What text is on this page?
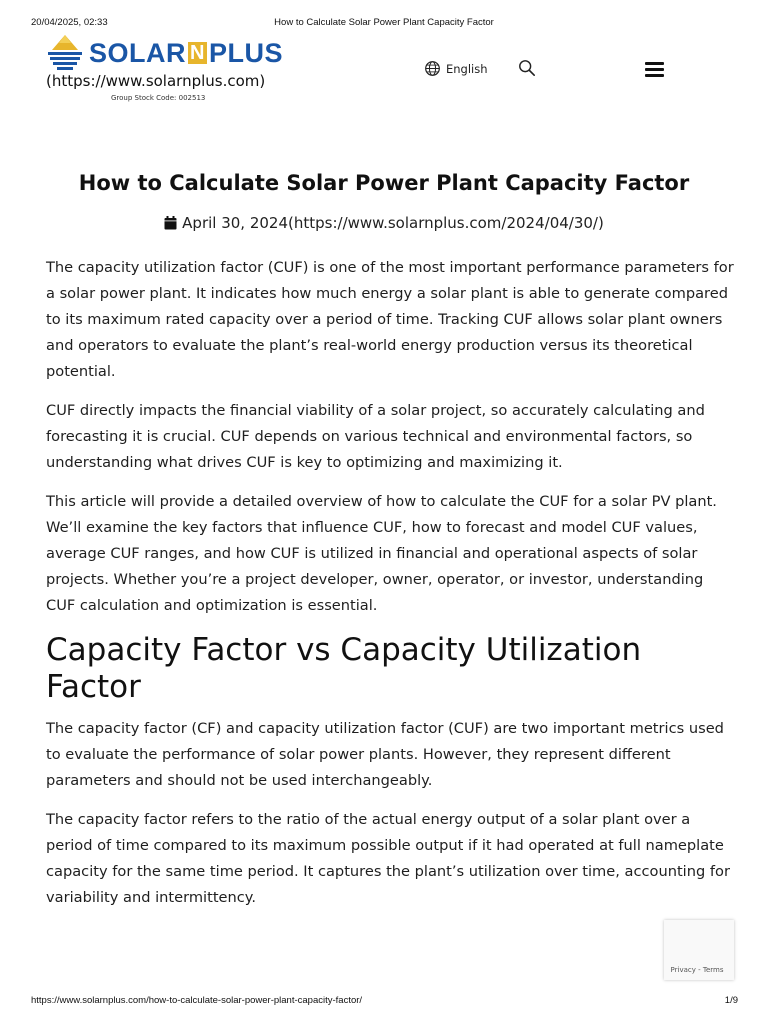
20/04/2025, 02:33	How to Calculate Solar Power Plant Capacity Factor
SOLAR N PLUS
(https://www.solarnplus.com)
Group Stock Code: 002513
English
How to Calculate Solar Power Plant Capacity Factor
April 30, 2024(https://www.solarnplus.com/2024/04/30/)

The capacity utilization factor (CUF) is one of the most important performance parameters for a solar power plant. It indicates how much energy a solar plant is able to generate compared to its maximum rated capacity over a period of time. Tracking CUF allows solar plant owners and operators to evaluate the plant’s real-world energy production versus its theoretical potential.

CUF directly impacts the financial viability of a solar project, so accurately calculating and forecasting it is crucial. CUF depends on various technical and environmental factors, so understanding what drives CUF is key to optimizing and maximizing it.

This article will provide a detailed overview of how to calculate the CUF for a solar PV plant. We’ll examine the key factors that influence CUF, how to forecast and model CUF values, average CUF ranges, and how CUF is utilized in financial and operational aspects of solar projects. Whether you’re a project developer, owner, operator, or investor, understanding CUF calculation and optimization is essential.

Capacity Factor vs Capacity Utilization Factor

The capacity factor (CF) and capacity utilization factor (CUF) are two important metrics used to evaluate the performance of solar power plants. However, they represent different parameters and should not be used interchangeably.

The capacity factor refers to the ratio of the actual energy output of a solar plant over a period of time compared to its maximum possible output if it had operated at full nameplate capacity for the same time period. It captures the plant’s utilization over time, accounting for variability and intermittency.

Privacy - Terms
https://www.solarnplus.com/how-to-calculate-solar-power-plant-capacity-factor/	1/9
